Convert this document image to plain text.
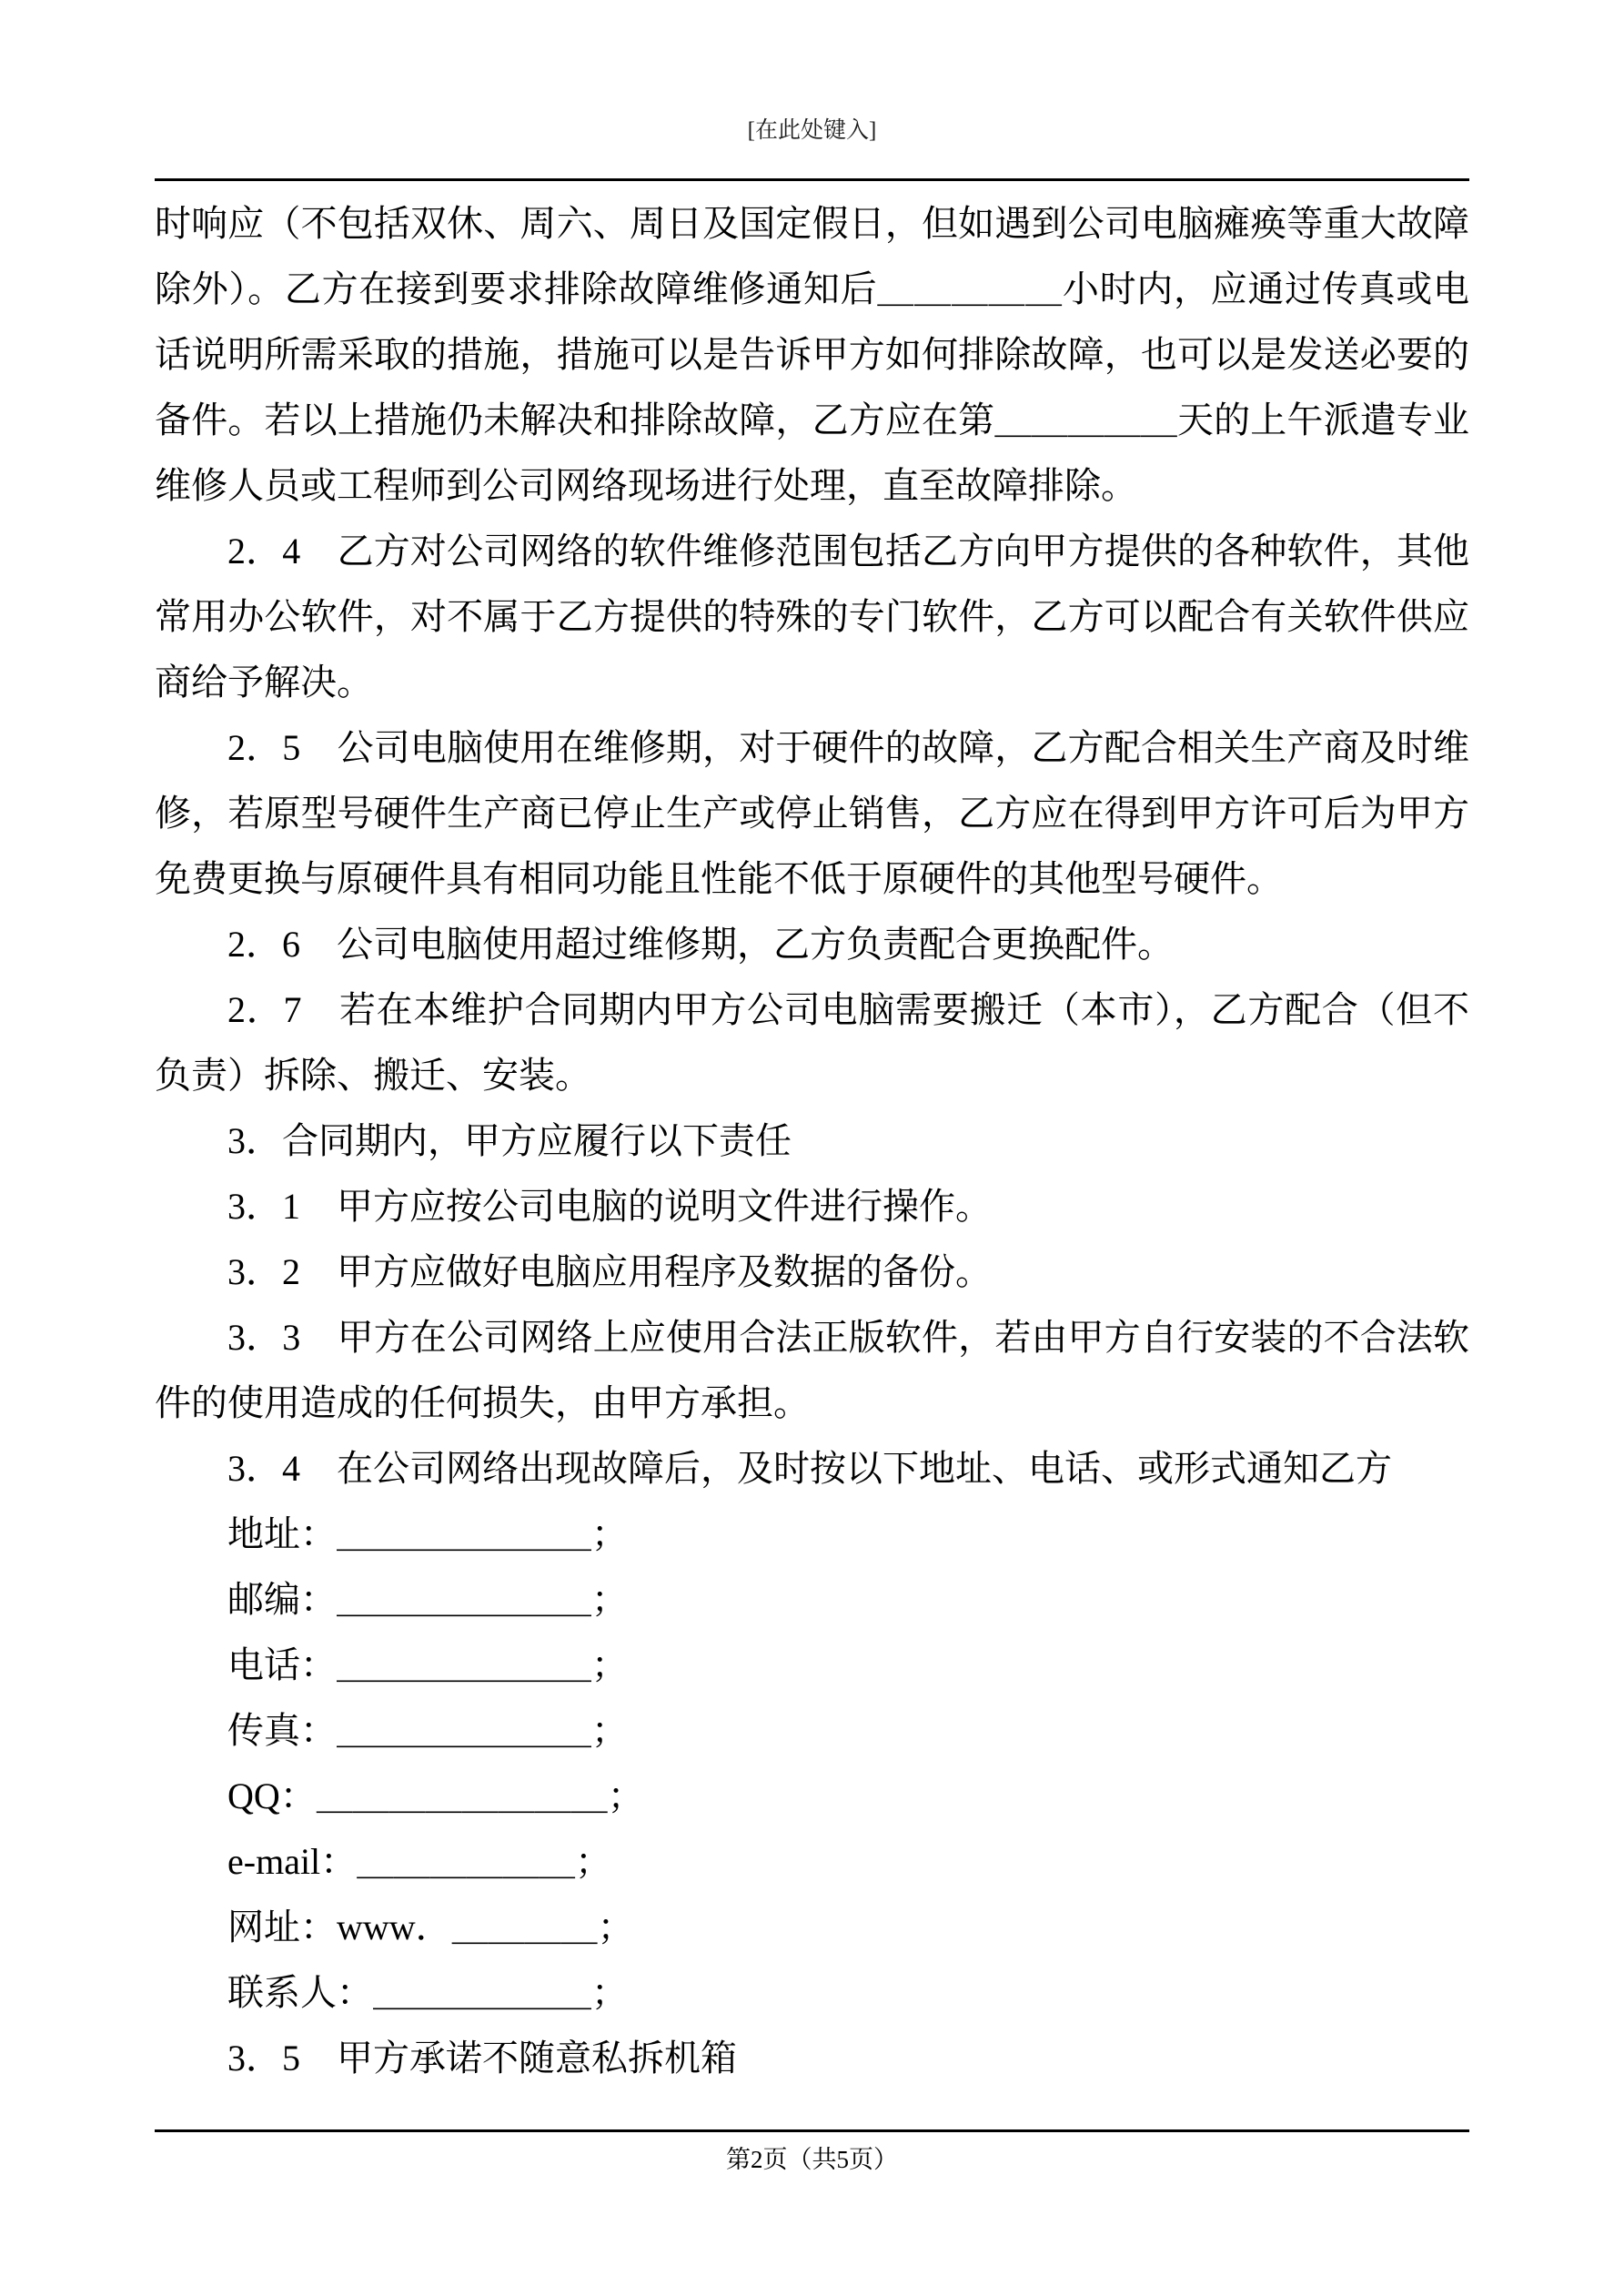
[在此处键入]

时响应（不包括双休、周六、周日及国定假日，但如遇到公司电脑瘫痪等重大故障除外）。乙方在接到要求排除故障维修通知后＿＿＿＿＿小时内，应通过传真或电话说明所需采取的措施，措施可以是告诉甲方如何排除故障，也可以是发送必要的备件。若以上措施仍未解决和排除故障，乙方应在第＿＿＿＿＿天的上午派遣专业维修人员或工程师到公司网络现场进行处理，直至故障排除。

2．4　乙方对公司网络的软件维修范围包括乙方向甲方提供的各种软件，其他常用办公软件，对不属于乙方提供的特殊的专门软件，乙方可以配合有关软件供应商给予解决。

2．5　公司电脑使用在维修期，对于硬件的故障，乙方配合相关生产商及时维修，若原型号硬件生产商已停止生产或停止销售，乙方应在得到甲方许可后为甲方免费更换与原硬件具有相同功能且性能不低于原硬件的其他型号硬件。

2．6　公司电脑使用超过维修期，乙方负责配合更换配件。

2．7　若在本维护合同期内甲方公司电脑需要搬迁（本市），乙方配合（但不负责）拆除、搬迁、安装。

3．合同期内，甲方应履行以下责任

3．1　甲方应按公司电脑的说明文件进行操作。

3．2　甲方应做好电脑应用程序及数据的备份。

3．3　甲方在公司网络上应使用合法正版软件，若由甲方自行安装的不合法软件的使用造成的任何损失，由甲方承担。

3．4　在公司网络出现故障后，及时按以下地址、电话、或形式通知乙方

地址：＿＿＿＿＿＿＿；

邮编：＿＿＿＿＿＿＿；

电话：＿＿＿＿＿＿＿；

传真：＿＿＿＿＿＿＿；

QQ：＿＿＿＿＿＿＿＿；

e-mail：＿＿＿＿＿＿；

网址：www．＿＿＿＿；

联系人：＿＿＿＿＿＿；

3．5　甲方承诺不随意私拆机箱

第2页（共5页）
